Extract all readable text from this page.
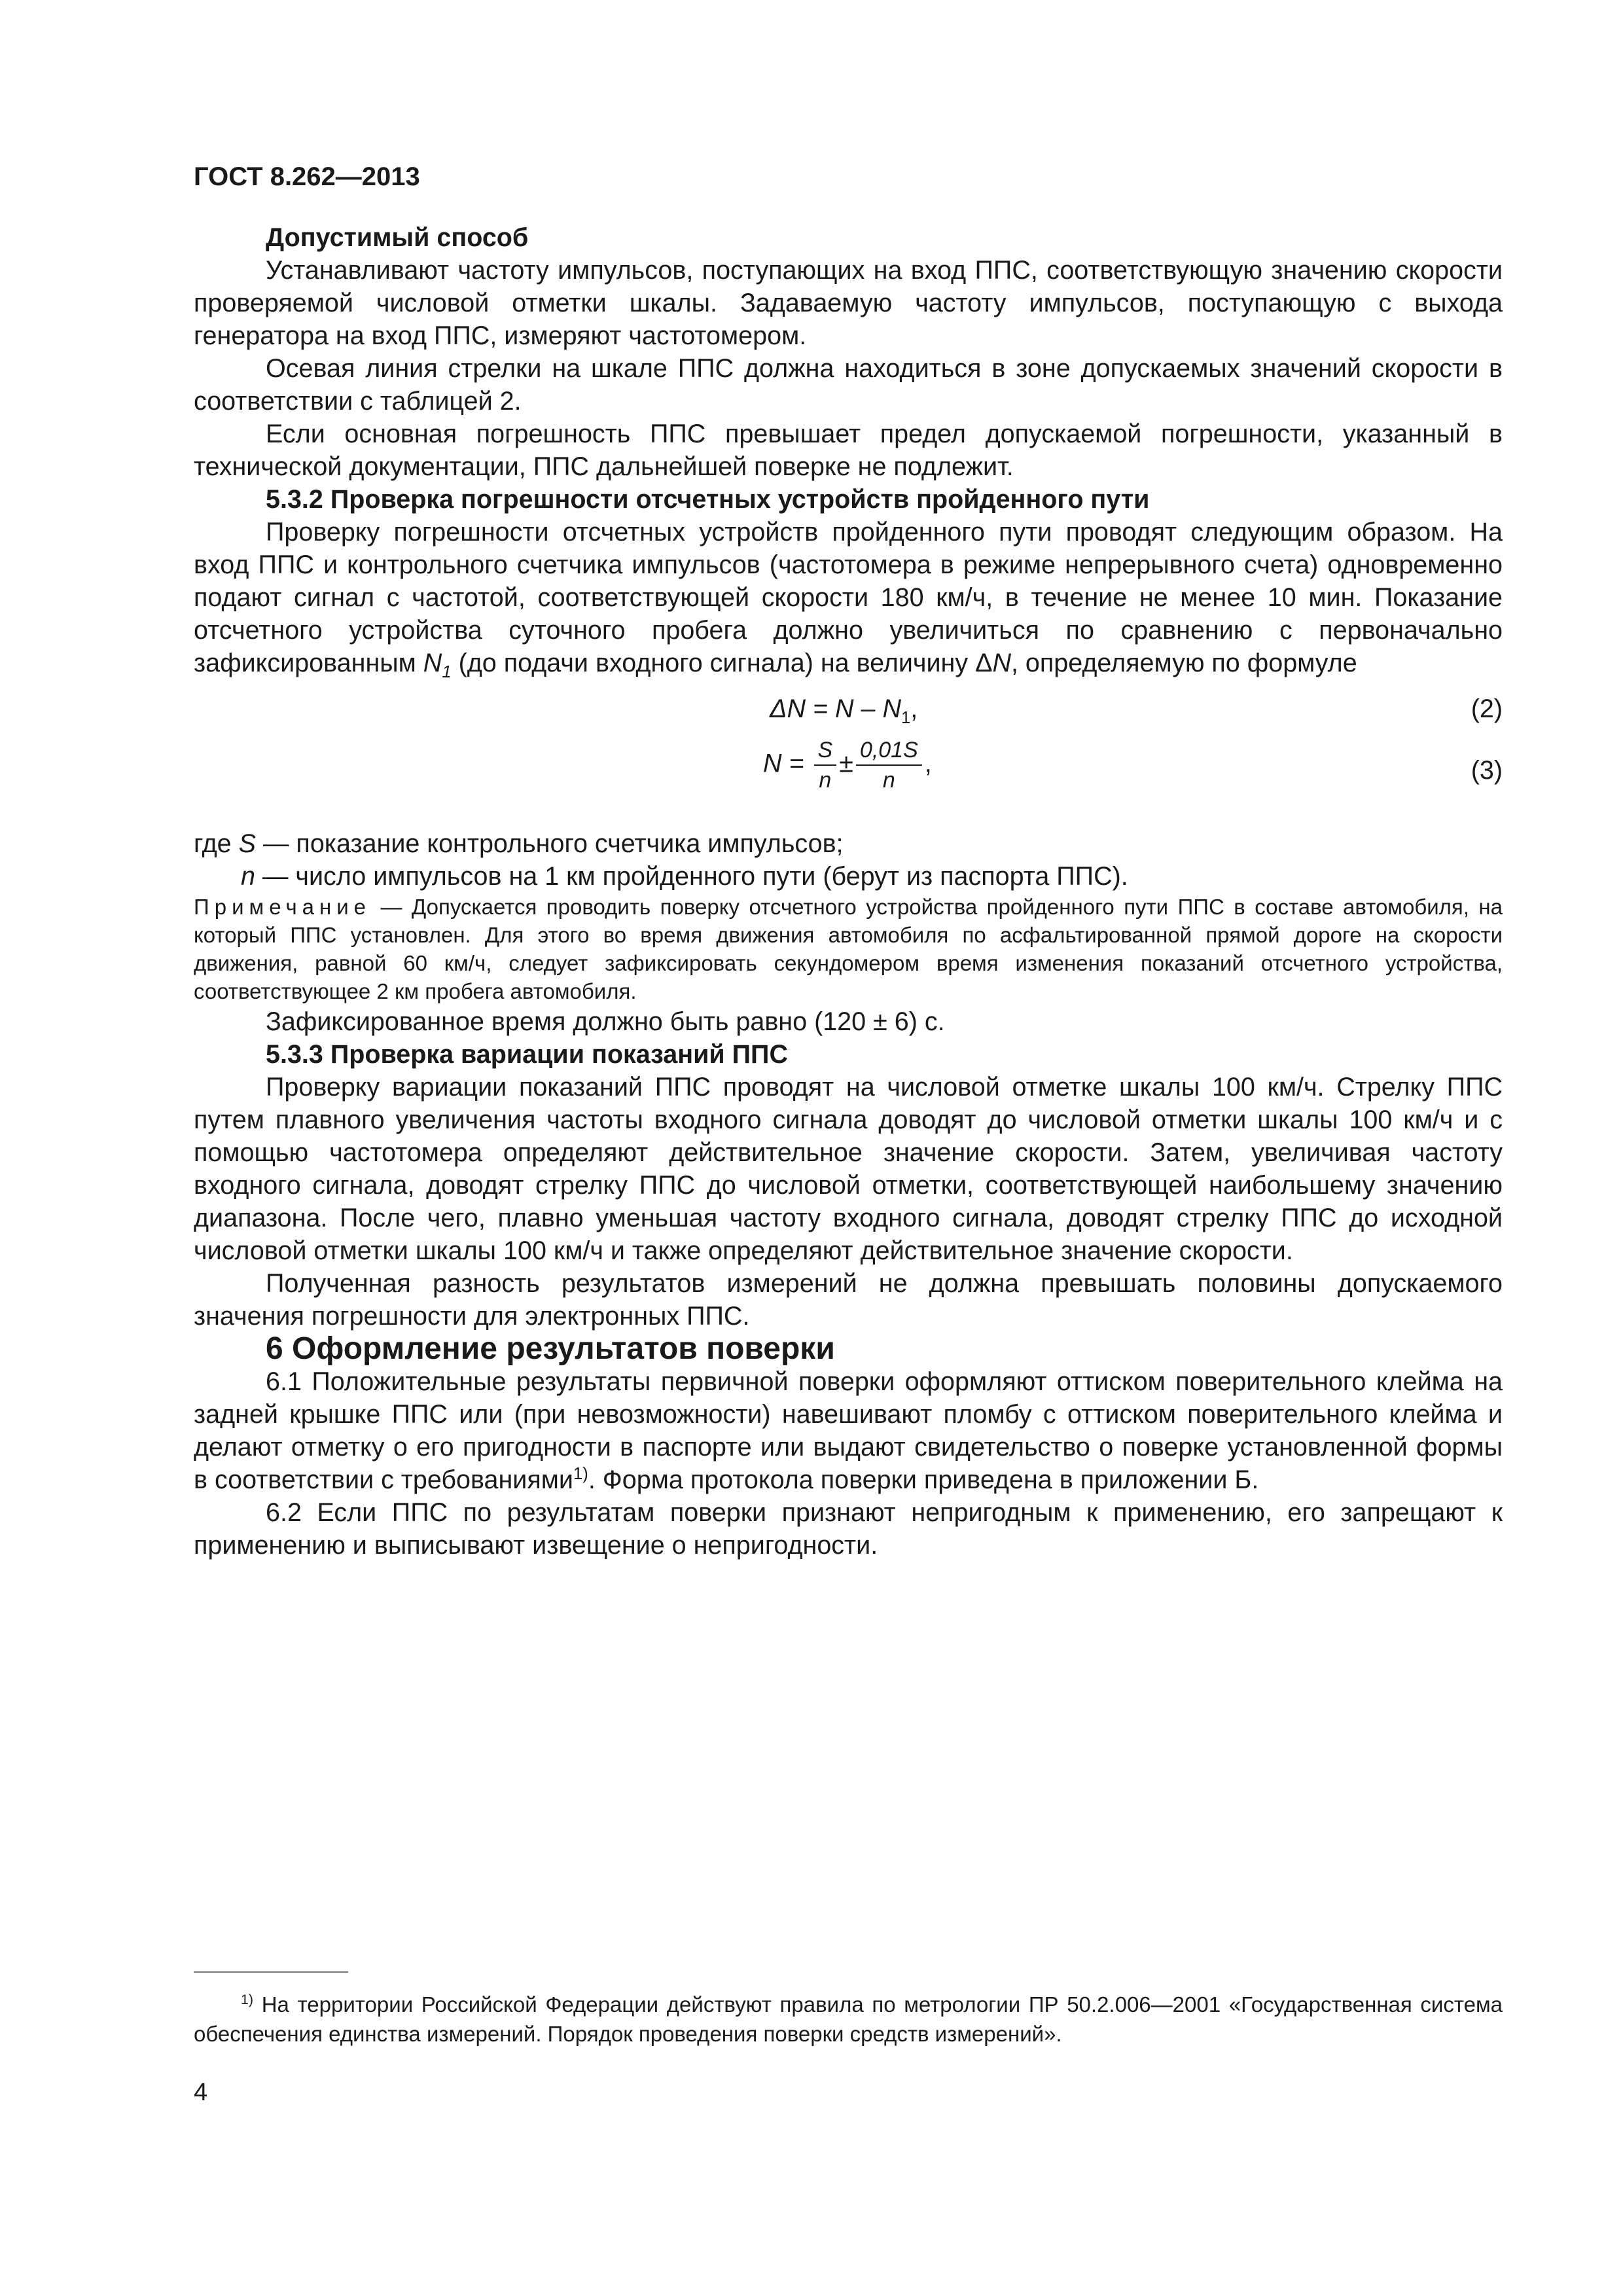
ГОСТ 8.262—2013

Допустимый способ

Устанавливают частоту импульсов, поступающих на вход ППС, соответствующую значению скорости проверяемой числовой отметки шкалы. Задаваемую частоту импульсов, поступающую с выхода генератора на вход ППС, измеряют частотомером.

Осевая линия стрелки на шкале ППС должна находиться в зоне допускаемых значений скорости в соответствии с таблицей 2.

Если основная погрешность ППС превышает предел допускаемой погрешности, указанный в технической документации, ППС дальнейшей поверке не подлежит.

5.3.2 Проверка погрешности отсчетных устройств пройденного пути

Проверку погрешности отсчетных устройств пройденного пути проводят следующим образом. На вход ППС и контрольного счетчика импульсов (частотомера в режиме непрерывного счета) одновременно подают сигнал с частотой, соответствующей скорости 180 км/ч, в течение не менее 10 мин. Показание отсчетного устройства суточного пробега должно увеличиться по сравнению с первоначально зафиксированным $N_1$ (до подачи входного сигнала) на величину ΔN, определяемую по формуле

$\Delta N = N - N_1$,	(2)
$N = \frac{S}{n} \pm \frac{0,01S}{n}$ ,	(3)

где S — показание контрольного счетчика импульсов;

n — число импульсов на 1 км пройденного пути (берут из паспорта ППС).

Примечание — Допускается проводить поверку отсчетного устройства пройденного пути ППС в составе автомобиля, на который ППС установлен. Для этого во время движения автомобиля по асфальтированной прямой дороге на скорости движения, равной 60 км/ч, следует зафиксировать секундомером время изменения показаний отсчетного устройства, соответствующее 2 км пробега автомобиля.

Зафиксированное время должно быть равно (120 ± 6) с.

5.3.3 Проверка вариации показаний ППС

Проверку вариации показаний ППС проводят на числовой отметке шкалы 100 км/ч. Стрелку ППС путем плавного увеличения частоты входного сигнала доводят до числовой отметки шкалы 100 км/ч и с помощью частотомера определяют действительное значение скорости. Затем, увеличивая частоту входного сигнала, доводят стрелку ППС до числовой отметки, соответствующей наибольшему значению диапазона. После чего, плавно уменьшая частоту входного сигнала, доводят стрелку ППС до исходной числовой отметки шкалы 100 км/ч и также определяют действительное значение скорости.

Полученная разность результатов измерений не должна превышать половины допускаемого значения погрешности для электронных ППС.

6 Оформление результатов поверки

6.1 Положительные результаты первичной поверки оформляют оттиском поверительного клейма на задней крышке ППС или (при невозможности) навешивают пломбу с оттиском поверительного клейма и делают отметку о его пригодности в паспорте или выдают свидетельство о поверке установленной формы в соответствии с требованиями$^{1)}$. Форма протокола поверки приведена в приложении Б.

6.2 Если ППС по результатам поверки признают непригодным к применению, его запрещают к применению и выписывают извещение о непригодности.

$^{1)}$ На территории Российской Федерации действуют правила по метрологии ПР 50.2.006—2001 «Государственная система обеспечения единства измерений. Порядок проведения поверки средств измерений».
4
